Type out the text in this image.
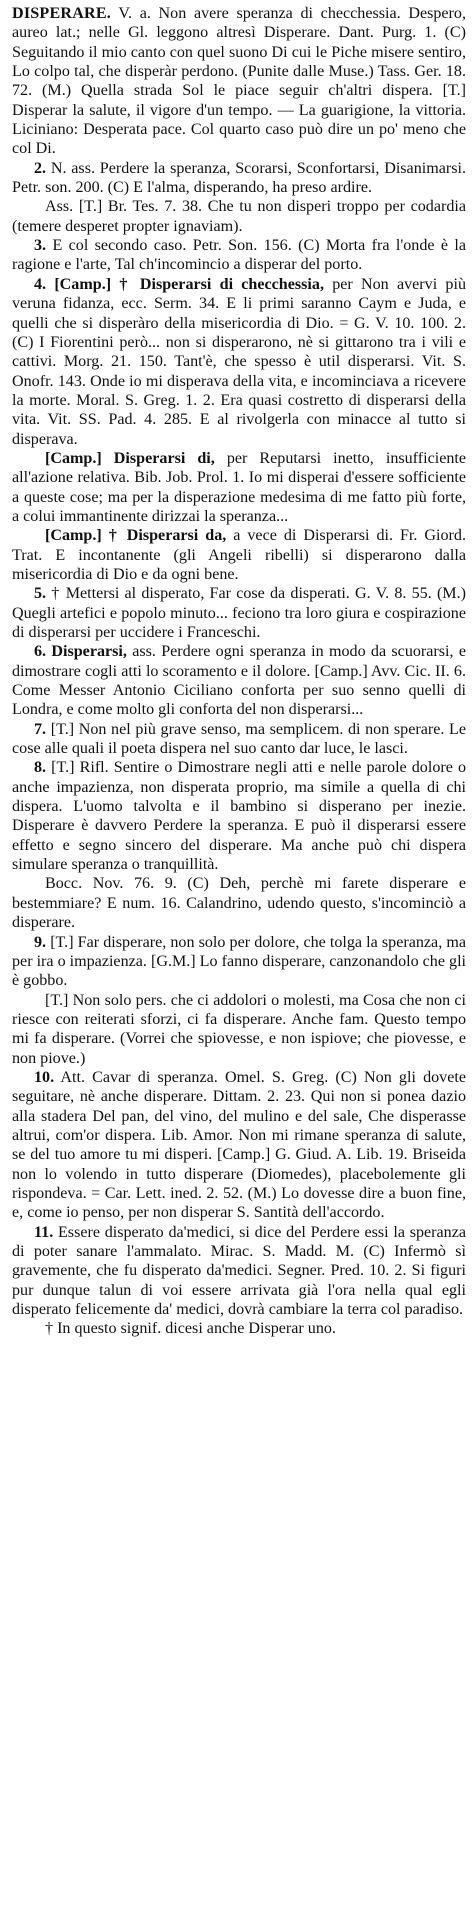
DISPERARE. V. a. Non avere speranza di checchessia. Despero, aureo lat.; nelle Gl. leggono altresì Disperare. Dant. Purg. 1. (C) Seguitando il mio canto con quel suono Di cui le Piche misere sentiro, Lo colpo tal, che disperàr perdono. (Punite dalle Muse.) Tass. Ger. 18. 72. (M.) Quella strada Sol le piace seguir ch'altri dispera. [T.] Disperar la salute, il vigore d'un tempo. — La guarigione, la vittoria. Liciniano: Desperata pace. Col quarto caso può dire un po' meno che col Di.

2. N. ass. Perdere la speranza, Scorarsi, Sconfortarsi, Disanimarsi. Petr. son. 200. (C) E l'alma, disperando, ha preso ardire.

Ass. [T.] Br. Tes. 7. 38. Che tu non disperi troppo per codardia (temere desperet propter ignaviam).

3. E col secondo caso. Petr. Son. 156. (C) Morta fra l'onde è la ragione e l'arte, Tal ch'incomincio a disperar del porto.

4. [Camp.] † Disperarsi di checchessia, per Non avervi più veruna fidanza, ecc. Serm. 34. E li primi saranno Caym e Juda, e quelli che si disperàro della misericordia di Dio. = G. V. 10. 100. 2. (C) I Fiorentini però... non si disperarono, nè si gittarono tra i vili e cattivi. Morg. 21. 150. Tant'è, che spesso è util disperarsi. Vit. S. Onofr. 143. Onde io mi disperava della vita, e incominciava a ricevere la morte. Moral. S. Greg. 1. 2. Era quasi costretto di disperarsi della vita. Vit. SS. Pad. 4. 285. E al rivolgerla con minacce al tutto si disperava.

[Camp.] Disperarsi di, per Reputarsi inetto, insufficiente all'azione relativa. Bib. Job. Prol. 1. Io mi disperai d'essere sofficiente a queste cose; ma per la disperazione medesima di me fatto più forte, a colui immantinente dirizzai la speranza...

[Camp.] † Disperarsi da, a vece di Disperarsi di. Fr. Giord. Trat. E incontanente (gli Angeli ribelli) si disperarono dalla misericordia di Dio e da ogni bene.

5. † Mettersi al disperato, Far cose da disperati. G. V. 8. 55. (M.) Quegli artefici e popolo minuto... feciono tra loro giura e cospirazione di disperarsi per uccidere i Franceschi.

6. Disperarsi, ass. Perdere ogni speranza in modo da scuorarsi, e dimostrare cogli atti lo scoramento e il dolore. [Camp.] Avv. Cic. II. 6. Come Messer Antonio Ciciliano conforta per suo senno quelli di Londra, e come molto gli conforta del non disperarsi...

7. [T.] Non nel più grave senso, ma semplicem. di non sperare. Le cose alle quali il poeta dispera nel suo canto dar luce, le lasci.

8. [T.] Rifl. Sentire o Dimostrare negli atti e nelle parole dolore o anche impazienza, non disperata proprio, ma simile a quella di chi dispera. L'uomo talvolta e il bambino si disperano per inezie. Disperare è davvero Perdere la speranza. E può il disperarsi essere effetto e segno sincero del disperare. Ma anche può chi dispera simulare speranza o tranquillità.

Bocc. Nov. 76. 9. (C) Deh, perchè mi farete disperare e bestemmiare? E num. 16. Calandrino, udendo questo, s'incominciò a disperare.

9. [T.] Far disperare, non solo per dolore, che tolga la speranza, ma per ira o impazienza. [G.M.] Lo fanno disperare, canzonandolo che gli è gobbo.

[T.] Non solo pers. che ci addolori o molesti, ma Cosa che non ci riesce con reiterati sforzi, ci fa disperare. Anche fam. Questo tempo mi fa disperare. (Vorrei che spiovesse, e non ispiove; che piovesse, e non piove.)

10. Att. Cavar di speranza. Omel. S. Greg. (C) Non gli dovete seguitare, nè anche disperare. Dittam. 2. 23. Qui non si ponea dazio alla stadera Del pan, del vino, del mulino e del sale, Che disperasse altrui, com'or dispera. Lib. Amor. Non mi rimane speranza di salute, se del tuo amore tu mi disperi. [Camp.] G. Giud. A. Lib. 19. Briseida non lo volendo in tutto disperare (Diomedes), placebolemente gli rispondeva. = Car. Lett. ined. 2. 52. (M.) Lo dovesse dire a buon fine, e, come io penso, per non disperar S. Santità dell'accordo.

11. Essere disperato da'medici, si dice del Perdere essi la speranza di poter sanare l'ammalato. Mirac. S. Madd. M. (C) Infermò sì gravemente, che fu disperato da'medici. Segner. Pred. 10. 2. Si figuri pur dunque talun di voi essere arrivata già l'ora nella qual egli disperato felicemente da' medici, dovrà cambiare la terra col paradiso.

† In questo signif. dicesi anche Disperar uno.
